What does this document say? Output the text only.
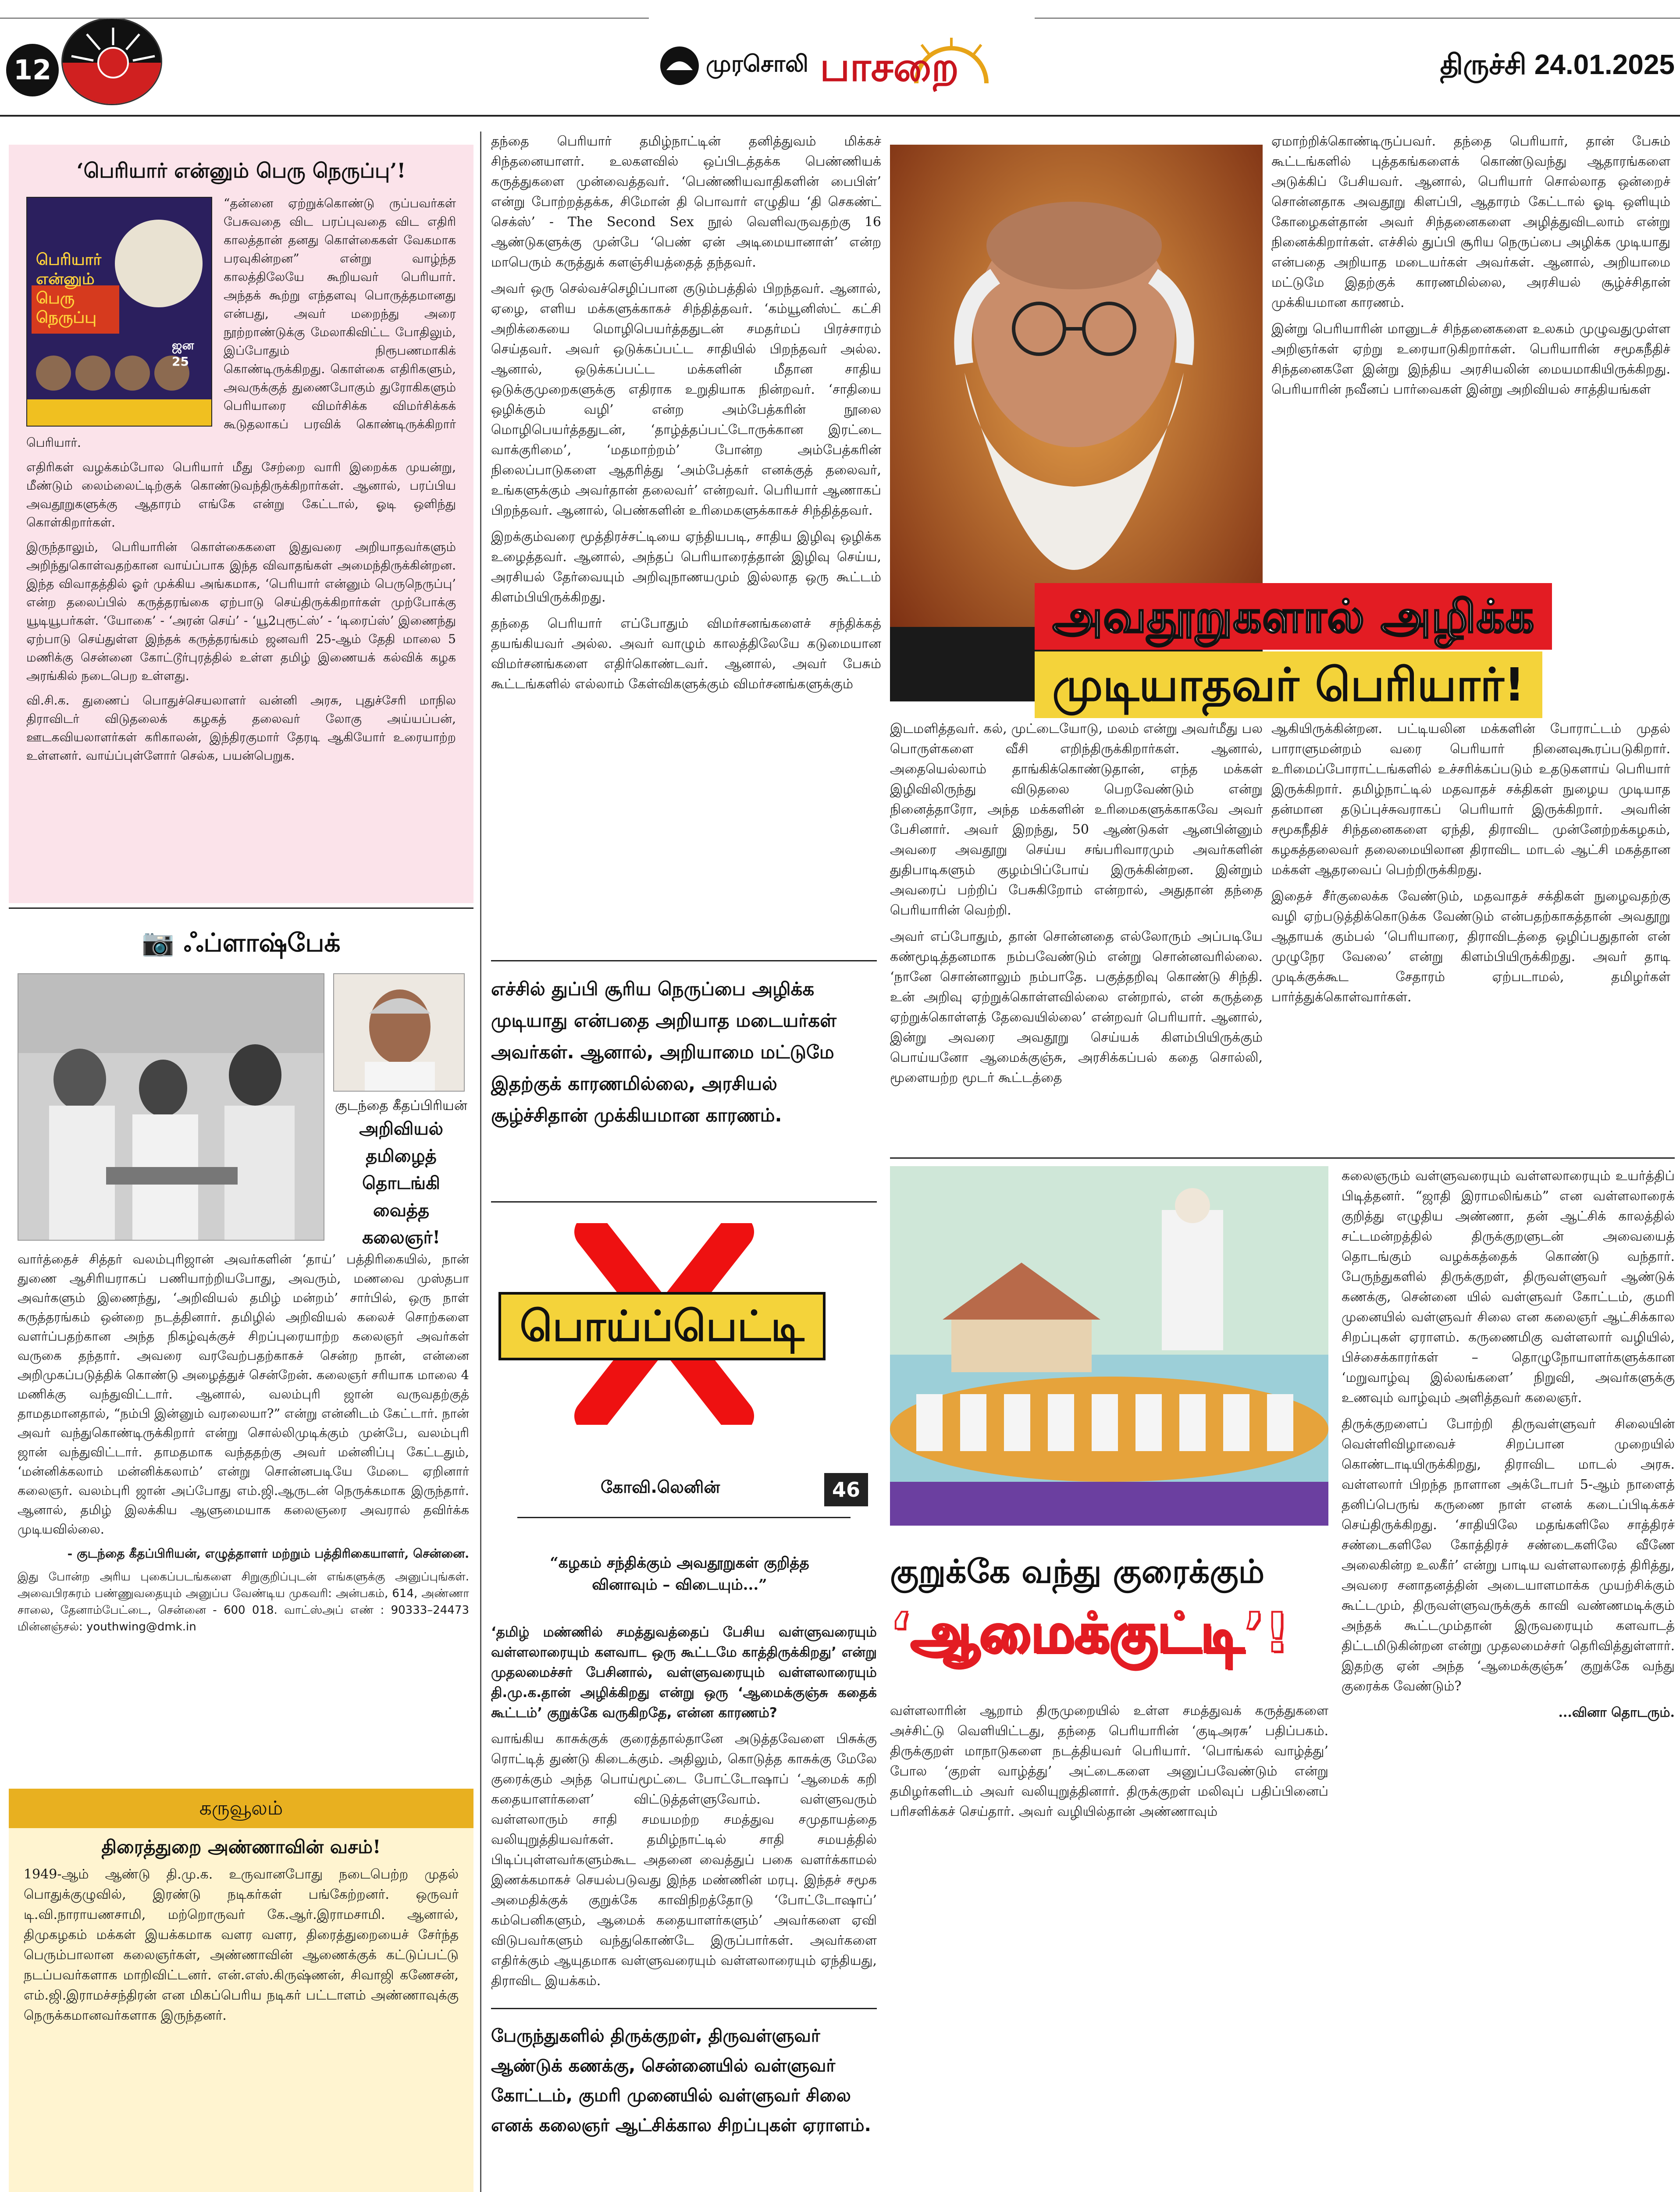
12	முரசொலி பாசறை	திருச்சி 24.01.2025
‘பெரியார் என்னும் பெரு நெருப்பு’!
பெரியார் என்னும் பெரு நெருப்பு
ஜன 25

“தன்னை ஏற்றுக்கொண்டு ருப்பவர்கள் பேசுவதை விட பரப்புவதை விட எதிரி காலத்தான் தனது கொள்கைகள் வேகமாக பரவுகின்றன” என்று வாழ்ந்த காலத்திலேயே கூறியவர் பெரியார். அந்தக் கூற்று எந்தளவு பொருத்தமானது என்பது, அவர் மறைந்து அரை நூற்றாண்டுக்கு மேலாகிவிட்ட போதிலும், இப்போதும் நிரூபணமாகிக் கொண்டிருக்கிறது. கொள்கை எதிரிகளும், அவருக்குத் துணைபோகும் துரோகிகளும் பெரியாரை விமர்சிக்க விமர்சிக்கக் கூடுதலாகப் பரவிக் கொண்டிருக்கிறார் பெரியார்.

எதிரிகள் வழக்கம்போல பெரியார் மீது சேற்றை வாரி இறைக்க முயன்று, மீண்டும் லைம்லைட்டிற்குக் கொண்டுவந்திருக்கிறார்கள். ஆனால், பரப்பிய அவதூறுகளுக்கு ஆதாரம் எங்கே என்று கேட்டால், ஓடி ஒளிந்து கொள்கிறார்கள்.

இருந்தாலும், பெரியாரின் கொள்கைகளை இதுவரை அறியாதவர்களும் அறிந்துகொள்வதற்கான வாய்ப்பாக இந்த விவாதங்கள் அமைந்திருக்கின்றன. இந்த விவாதத்தில் ஓர் முக்கிய அங்கமாக, ‘பெரியார் என்னும் பெருநெருப்பு’ என்ற தலைப்பில் கருத்தரங்கை ஏற்பாடு செய்திருக்கிறார்கள் முற்போக்கு யூடியூபர்கள். ‘யோகை’ - ‘அரன் செய்’ - ‘யூ2புரூட்ஸ்’ - ‘டிரைப்ஸ்’ இணைந்து ஏற்பாடு செய்துள்ள இந்தக் கருத்தரங்கம் ஜனவரி 25-ஆம் தேதி மாலை 5 மணிக்கு சென்னை கோட்டூர்புரத்தில் உள்ள தமிழ் இணையக் கல்விக் கழக அரங்கில் நடைபெற உள்ளது.

வி.சி.க. துணைப் பொதுச்செயலாளர் வன்னி அரசு, புதுச்சேரி மாநில திராவிடர் விடுதலைக் கழகத் தலைவர் லோகு அய்யப்பன், ஊடகவியலாளர்கள் கரிகாலன், இந்திரகுமார் தேரடி ஆகியோர் உரையாற்ற உள்ளனர். வாய்ப்புள்ளோர் செல்க, பயன்பெறுக.

📷 ஃப்ளாஷ்பேக்
குடந்தை கீதப்பிரியன்
அறிவியல் தமிழைத்
தொடங்கி வைத்த
கலைஞர்!

வார்த்தைச் சித்தர் வலம்புரிஜான் அவர்களின் ‘தாய்’ பத்திரிகையில், நான் துணை ஆசிரியராகப் பணியாற்றியபோது, அவரும், மணவை முஸ்தபா அவர்களும் இணைந்து, ‘அறிவியல் தமிழ் மன்றம்’ சார்பில், ஒரு நாள் கருத்தரங்கம் ஒன்றை நடத்தினார். தமிழில் அறிவியல் கலைச் சொற்களை வளர்ப்பதற்கான அந்த நிகழ்வுக்குச் சிறப்புரையாற்ற கலைஞர் அவர்கள் வருகை தந்தார். அவரை வரவேற்பதற்காகச் சென்ற நான், என்னை அறிமுகப்படுத்திக் கொண்டு அழைத்துச் சென்றேன். கலைஞர் சரியாக மாலை 4 மணிக்கு வந்துவிட்டார். ஆனால், வலம்புரி ஜான் வருவதற்குத் தாமதமானதால், “நம்பி இன்னும் வரலையா?” என்று என்னிடம் கேட்டார். நான் அவர் வந்துகொண்டிருக்கிறார் என்று சொல்லிமுடிக்கும் முன்பே, வலம்புரி ஜான் வந்துவிட்டார். தாமதமாக வந்ததற்கு அவர் மன்னிப்பு கேட்டதும், ‘மன்னிக்கலாம் மன்னிக்கலாம்’ என்று சொன்னபடியே மேடை ஏறினார் கலைஞர். வலம்புரி ஜான் அப்போது எம்.ஜி.ஆருடன் நெருக்கமாக இருந்தார். ஆனால், தமிழ் இலக்கிய ஆளுமையாக கலைஞரை அவரால் தவிர்க்க முடியவில்லை.

- குடந்தை கீதப்பிரியன், எழுத்தாளர் மற்றும் பத்திரிகையாளர், சென்னை.

இது போன்ற அரிய புகைப்படங்களை சிறுகுறிப்புடன் எங்களுக்கு அனுப்புங்கள். அவைபிரசுரம் பண்ணுவதையும் அனுப்ப வேண்டிய முகவரி: அன்பகம், 614, அண்ணா சாலை, தேனாம்பேட்டை, சென்னை - 600 018. வாட்ஸ்அப் எண் : 90333–24473 மின்னஞ்சல்: youthwing@dmk.in

கருவூலம்
திரைத்துறை அண்ணாவின் வசம்!

1949-ஆம் ஆண்டு தி.மு.க. உருவானபோது நடைபெற்ற முதல் பொதுக்குழுவில், இரண்டு நடிகர்கள் பங்கேற்றனர். ஒருவர் டி.வி.நாராயணசாமி, மற்றொருவர் கே.ஆர்.இராமசாமி. ஆனால், திமுகழகம் மக்கள் இயக்கமாக வளர வளர, திரைத்துறையைச் சேர்ந்த பெரும்பாலான கலைஞர்கள், அண்ணாவின் ஆணைக்குக் கட்டுப்பட்டு நடப்பவர்களாக மாறிவிட்டனர். என்.எஸ்.கிருஷ்ணன், சிவாஜி கணேசன், எம்.ஜி.இராமச்சந்திரன் என மிகப்பெரிய நடிகர் பட்டாளம் அண்ணாவுக்கு நெருக்கமானவர்களாக இருந்தனர்.

தந்தை பெரியார் தமிழ்நாட்டின் தனித்துவம் மிக்கச் சிந்தனையாளர். உலகளவில் ஒப்பிடத்தக்க பெண்ணியக் கருத்துகளை முன்வைத்தவர். ‘பெண்ணியவாதிகளின் பைபிள்’ என்று போற்றத்தக்க, சிமோன் தி பொவார் எழுதிய ‘தி செகண்ட் செக்ஸ்’ - The Second Sex நூல் வெளிவருவதற்கு 16 ஆண்டுகளுக்கு முன்பே ‘பெண் ஏன் அடிமையானாள்’ என்ற மாபெரும் கருத்துக் களஞ்சியத்தைத் தந்தவர்.

அவர் ஒரு செல்வச்செழிப்பான குடும்பத்தில் பிறந்தவர். ஆனால், ஏழை, எளிய மக்களுக்காகச் சிந்தித்தவர். ‘கம்யூனிஸ்ட் கட்சி அறிக்கையை மொழிபெயர்த்ததுடன் சமதர்மப் பிரச்சாரம் செய்தவர். அவர் ஒடுக்கப்பட்ட சாதியில் பிறந்தவர் அல்ல. ஆனால், ஒடுக்கப்பட்ட மக்களின் மீதான சாதிய ஒடுக்குமுறைகளுக்கு எதிராக உறுதியாக நின்றவர். ‘சாதியை ஒழிக்கும் வழி’ என்ற அம்பேத்கரின் நூலை மொழிபெயர்த்ததுடன், ‘தாழ்த்தப்பட்டோருக்கான இரட்டை வாக்குரிமை’, ‘மதமாற்றம்’ போன்ற அம்பேத்கரின் நிலைப்பாடுகளை ஆதரித்து ‘அம்பேத்கர் எனக்குத் தலைவர், உங்களுக்கும் அவர்தான் தலைவர்’ என்றவர். பெரியார் ஆணாகப் பிறந்தவர். ஆனால், பெண்களின் உரிமைகளுக்காகச் சிந்தித்தவர்.

இறக்கும்வரை மூத்திரச்சட்டியை ஏந்தியபடி, சாதிய இழிவு ஒழிக்க உழைத்தவர். ஆனால், அந்தப் பெரியாரைத்தான் இழிவு செய்ய, அரசியல் தேர்வையும் அறிவுநாணயமும் இல்லாத ஒரு கூட்டம் கிளம்பியிருக்கிறது.

தந்தை பெரியார் எப்போதும் விமர்சனங்களைச் சந்திக்கத் தயங்கியவர் அல்ல. அவர் வாழும் காலத்திலேயே கடுமையான விமர்சனங்களை எதிர்கொண்டவர். ஆனால், அவர் பேசும் கூட்டங்களில் எல்லாம் கேள்விகளுக்கும் விமர்சனங்களுக்கும்

ஏமாற்றிக்கொண்டிருப்பவர். தந்தை பெரியார், தான் பேசும் கூட்டங்களில் புத்தகங்களைக் கொண்டுவந்து ஆதாரங்களை அடுக்கிப் பேசியவர். ஆனால், பெரியார் சொல்லாத ஒன்றைச் சொன்னதாக அவதூறு கிளப்பி, ஆதாரம் கேட்டால் ஓடி ஒளியும் கோழைகள்தான் அவர் சிந்தனைகளை அழித்துவிடலாம் என்று நினைக்கிறார்கள். எச்சில் துப்பி சூரிய நெருப்பை அழிக்க முடியாது என்பதை அறியாத மடையர்கள் அவர்கள். ஆனால், அறியாமை மட்டுமே இதற்குக் காரணமில்லை, அரசியல் சூழ்ச்சிதான் முக்கியமான காரணம்.

இன்று பெரியாரின் மானுடச் சிந்தனைகளை உலகம் முழுவதுமுள்ள அறிஞர்கள் ஏற்று உரையாடுகிறார்கள். பெரியாரின் சமூகநீதிச் சிந்தனைகளே இன்று இந்திய அரசியலின் மையமாகியிருக்கிறது. பெரியாரின் நவீனப் பார்வைகள் இன்று அறிவியல் சாத்தியங்கள்

அவதூறுகளால் அழிக்க முடியாதவர் பெரியார்!

இடமளித்தவர். கல், முட்டையோடு, மலம் என்று அவர்மீது பல பொருள்களை வீசி எறிந்திருக்கிறார்கள். ஆனால், அதையெல்லாம் தாங்கிக்கொண்டுதான், எந்த மக்கள் இழிவிலிருந்து விடுதலை பெறவேண்டும் என்று நினைத்தாரோ, அந்த மக்களின் உரிமைகளுக்காகவே அவர் பேசினார். அவர் இறந்து, 50 ஆண்டுகள் ஆனபின்னும் அவரை அவதூறு செய்ய சங்பரிவாரமும் அவர்களின் துதிபாடிகளும் குழம்பிப்போய் இருக்கின்றன. இன்றும் அவரைப் பற்றிப் பேசுகிறோம் என்றால், அதுதான் தந்தை பெரியாரின் வெற்றி.

அவர் எப்போதும், தான் சொன்னதை எல்லோரும் அப்படியே கண்மூடித்தனமாக நம்பவேண்டும் என்று சொன்னவரில்லை. ‘நானே சொன்னாலும் நம்பாதே. பகுத்தறிவு கொண்டு சிந்தி. உன் அறிவு ஏற்றுக்கொள்ளவில்லை என்றால், என் கருத்தை ஏற்றுக்கொள்ளத் தேவையில்லை’ என்றவர் பெரியார். ஆனால், இன்று அவரை அவதூறு செய்யக் கிளம்பியிருக்கும் பொய்யனோ ஆமைக்குஞ்சு, அரசிக்கப்பல் கதை சொல்லி, மூளையற்ற மூடர் கூட்டத்தை

ஆகியிருக்கின்றன. பட்டியலின மக்களின் போராட்டம் முதல் பாராளுமன்றம் வரை பெரியார் நினைவுகூரப்படுகிறார். உரிமைப்போராட்டங்களில் உச்சரிக்கப்படும் உதடுகளாய் பெரியார் இருக்கிறார். தமிழ்நாட்டில் மதவாதச் சக்திகள் நுழைய முடியாத தன்மான தடுப்புச்சுவராகப் பெரியார் இருக்கிறார். அவரின் சமூகநீதிச் சிந்தனைகளை ஏந்தி, திராவிட முன்னேற்றக்கழகம், கழகத்தலைவர் தலைமையிலான திராவிட மாடல் ஆட்சி மகத்தான மக்கள் ஆதரவைப் பெற்றிருக்கிறது.

இதைச் சீர்குலைக்க வேண்டும், மதவாதச் சக்திகள் நுழைவதற்கு வழி ஏற்படுத்திக்கொடுக்க வேண்டும் என்பதற்காகத்தான் அவதூறு ஆதாயக் கும்பல் ‘பெரியாரை, திராவிடத்தை ஒழிப்பதுதான் என் முழுநேர வேலை’ என்று கிளம்பியிருக்கிறது. அவர் தாடி முடிக்குக்கூட சேதாரம் ஏற்படாமல், தமிழர்கள் பார்த்துக்கொள்வார்கள்.

எச்சில் துப்பி சூரிய நெருப்பை அழிக்க முடியாது என்பதை அறியாத மடையர்கள் அவர்கள். ஆனால், அறியாமை மட்டுமே இதற்குக் காரணமில்லை, அரசியல் சூழ்ச்சிதான் முக்கியமான காரணம்.

பொய்ப்பெட்டி
கோவி.லெனின்	46
“கழகம் சந்திக்கும் அவதூறுகள் குறித்த வினாவும் – விடையும்...”

‘தமிழ் மண்ணில் சமத்துவத்தைப் பேசிய வள்ளுவரையும் வள்ளலாரையும் களவாட ஒரு கூட்டமே காத்திருக்கிறது’ என்று முதலமைச்சர் பேசினால், வள்ளுவரையும் வள்ளலாரையும் தி.மு.க.தான் அழிக்கிறது என்று ஒரு ‘ஆமைக்குஞ்சு கதைக் கூட்டம்’ குறுக்கே வருகிறதே, என்ன காரணம்?

வாங்கிய காசுக்குக் குரைத்தால்தானே அடுத்தவேளை பிசுக்கு ரொட்டித் துண்டு கிடைக்கும். அதிலும், கொடுத்த காசுக்கு மேலே குரைக்கும் அந்த பொய்மூட்டை போட்டோஷாப் ‘ஆமைக் கறி கதையாளர்களை’ விட்டுத்தள்ளுவோம். வள்ளுவரும் வள்ளலாரும் சாதி சமயமற்ற சமத்துவ சமுதாயத்தை வலியுறுத்தியவர்கள். தமிழ்நாட்டில் சாதி சமயத்தில் பிடிப்புள்ளவர்களும்கூட அதனை வைத்துப் பகை வளர்க்காமல் இணக்கமாகச் செயல்படுவது இந்த மண்ணின் மரபு. இந்தச் சமூக அமைதிக்குக் குறுக்கே காவிநிறத்தோடு ‘போட்டோஷாப்’ கம்பெனிகளும், ஆமைக் கதையாளர்களும்’ அவர்களை ஏவி விடுபவர்களும் வந்துகொண்டே இருப்பார்கள். அவர்களை எதிர்க்கும் ஆயுதமாக வள்ளுவரையும் வள்ளலாரையும் ஏந்தியது, திராவிட இயக்கம்.

குறுக்கே வந்து குரைக்கும்
‘ஆமைக்குட்டி’!

கலைஞரும் வள்ளுவரையும் வள்ளலாரையும் உயர்த்திப் பிடித்தனர். “ஜாதி இராமலிங்கம்” என வள்ளலாரைக் குறித்து எழுதிய அண்ணா, தன் ஆட்சிக் காலத்தில் சட்டமன்றத்தில் திருக்குறளுடன் அவையைத் தொடங்கும் வழக்கத்தைக் கொண்டு வந்தார். பேருந்துகளில் திருக்குறள், திருவள்ளுவர் ஆண்டுக் கணக்கு, சென்னை யில் வள்ளுவர் கோட்டம், குமரி முனையில் வள்ளுவர் சிலை என கலைஞர் ஆட்சிக்கால சிறப்புகள் ஏராளம். கருணைமிகு வள்ளலார் வழியில், பிச்சைக்காரர்கள் – தொழுநோயாளர்களுக்கான ‘மறுவாழ்வு இல்லங்களை’ நிறுவி, அவர்களுக்கு உணவும் வாழ்வும் அளித்தவர் கலைஞர்.

திருக்குறளைப் போற்றி திருவள்ளுவர் சிலையின் வெள்ளிவிழாவைச் சிறப்பான முறையில் கொண்டாடியிருக்கிறது, திராவிட மாடல் அரசு. வள்ளலார் பிறந்த நாளான அக்டோபர் 5-ஆம் நாளைத் தனிப்பெருங் கருணை நாள் எனக் கடைப்பிடிக்கச் செய்திருக்கிறது. ‘சாதியிலே மதங்களிலே சாத்திரச் சண்டைகளிலே கோத்திரச் சண்டைகளிலே வீணே அலைகின்ற உலகீர்’ என்று பாடிய வள்ளலாரைத் திரித்து, அவரை சனாதனத்தின் அடையாளமாக்க முயற்சிக்கும் கூட்டமும், திருவள்ளுவருக்குக் காவி வண்ணமடிக்கும் அந்தக் கூட்டமும்தான் இருவரையும் களவாடத் திட்டமிடுகின்றன என்று முதலமைச்சர் தெரிவித்துள்ளார். இதற்கு ஏன் அந்த ‘ஆமைக்குஞ்சு’ குறுக்கே வந்து குரைக்க வேண்டும்?

...வினா தொடரும்.

வள்ளலாரின் ஆறாம் திருமுறையில் உள்ள சமத்துவக் கருத்துகளை அச்சிட்டு வெளியிட்டது, தந்தை பெரியாரின் ‘குடிஅரசு’ பதிப்பகம். திருக்குறள் மாநாடுகளை நடத்தியவர் பெரியார். ‘பொங்கல் வாழ்த்து’ போல ‘குறள் வாழ்த்து’ அட்டைகளை அனுப்பவேண்டும் என்று தமிழர்களிடம் அவர் வலியுறுத்தினார். திருக்குறள் மலிவுப் பதிப்பினைப் பரிசளிக்கச் செய்தார். அவர் வழியில்தான் அண்ணாவும்

பேருந்துகளில் திருக்குறள், திருவள்ளுவர் ஆண்டுக் கணக்கு, சென்னையில் வள்ளுவர் கோட்டம், குமரி முனையில் வள்ளுவர் சிலை எனக் கலைஞர் ஆட்சிக்கால சிறப்புகள் ஏராளம்.
